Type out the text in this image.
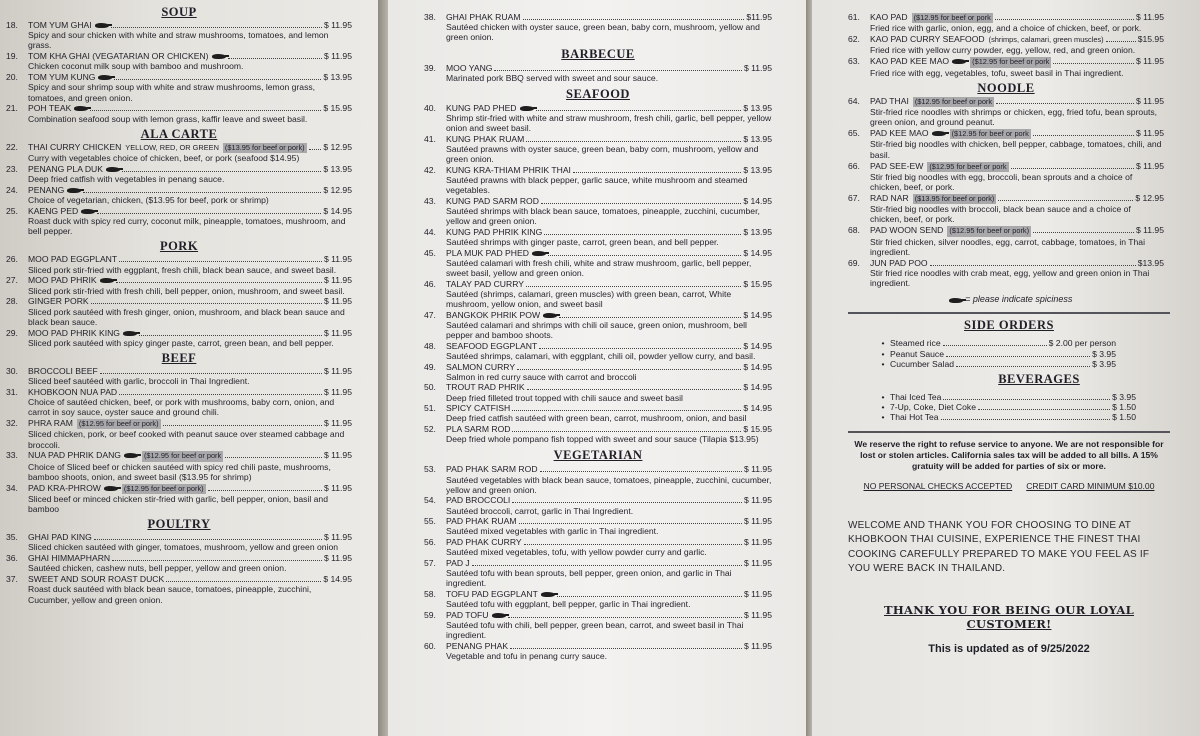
SOUP
18.	TOM YUM GHAI	$ 11.95
Spicy and sour chicken with white and straw mushrooms, tomatoes, and lemon grass.
19.	TOM KHA GHAI (VEGATARIAN OR CHICKEN)	$ 11.95
Chicken coconut milk soup with bamboo and mushroom.
20.	TOM YUM KUNG	$ 13.95
Spicy and sour shrimp soup with white and straw mushrooms, lemon grass, tomatoes, and green onion.
21.	POH TEAK	$ 15.95
Combination seafood soup with lemon grass, kaffir leave and sweet basil.
ALA CARTE
22.	THAI CURRY CHICKEN YELLOW, RED, OR GREEN ($13.95 for beef or pork) $ 12.95
Curry with vegetables choice of chicken, beef, or pork (seafood $14.95)
23.	PENANG PLA DUK	$ 13.95
Deep fried catfish with vegetables in penang sauce.
24.	PENANG	$ 12.95
Choice of vegetarian, chicken, ($13.95 for beef, pork or shrimp)
25.	KAENG PED	$ 14.95
Roast duck with spicy red curry, coconut milk, pineapple, tomatoes, mushroom, and bell pepper.
PORK
26.	MOO PAD EGGPLANT	$ 11.95
Sliced pork stir-fried with eggplant, fresh chili, black bean sauce, and sweet basil.
27.	MOO PAD PHRIK	$ 11.95
Sliced pork stir-fried with fresh chili, bell pepper, onion, mushroom, and sweet basil.
28.	GINGER PORK	$ 11.95
Sliced pork sautéed with fresh ginger, onion, mushroom, and black bean sauce and black bean sauce.
29.	MOO PAD PHRIK KING	$ 11.95
Sliced pork sautéed with spicy ginger paste, carrot, green bean, and bell pepper.
BEEF
30.	BROCCOLI BEEF	$ 11.95
Sliced beef sautéed with garlic, broccoli in Thai Ingredient.
31.	KHOBKOON NUA PAD	$ 11.95
Choice of sautéed chicken, beef, or pork with mushrooms, baby corn, onion, and carrot in soy sauce, oyster sauce and ground chili.
32.	PHRA RAM ($12.95 for beef or pork)	$ 11.95
Sliced chicken, pork, or beef cooked with peanut sauce over steamed cabbage and broccoli.
33.	NUA PAD PHRIK DANG	($12.95 for beef or pork	$ 11.95
Choice of Sliced beef or chicken sautéed with spicy red chili paste, mushrooms, bamboo shoots, onion, and sweet basil ($13.95 for shrimp)
34.	PAD KRA-PHROW	($12.95 for beef or pork)	$ 11.95
Sliced beef or minced chicken stir-fried with garlic, bell pepper, onion, basil and bamboo
POULTRY
35.	GHAI PAD KING	$ 11.95
Sliced chicken sautéed with ginger, tomatoes, mushroom, yellow and green onion
36.	GHAI HIMMAPHARN	$ 11.95
Sautéed chicken, cashew nuts, bell pepper, yellow and green onion.
37.	SWEET AND SOUR ROAST DUCK	$ 14.95
Roast duck sautéed with black bean sauce, tomatoes, pineapple, zucchini, Cucumber, yellow and green onion.
38.	GHAI PHAK RUAM	$11.95
Sautéed chicken with oyster sauce, green bean, baby corn, mushroom, yellow and green onion.
BARBECUE
39.	MOO YANG	$ 11.95
Marinated pork BBQ served with sweet and sour sauce.
SEAFOOD
40.	KUNG PAD PHED	$ 13.95
Shrimp stir-fried with white and straw mushroom, fresh chili, garlic, bell pepper, yellow onion and sweet basil.
41.	KUNG PHAK RUAM	$ 13.95
Sautéed prawns with oyster sauce, green bean, baby corn, mushroom, yellow and green onion.
42.	KUNG KRA-THIAM PHRIK THAI	$ 13.95
Sautéed prawns with black pepper, garlic sauce, white mushroom and steamed vegetables.
43.	KUNG PAD SARM ROD	$ 14.95
Sautéed shrimps with black bean sauce, tomatoes, pineapple, zucchini, cucumber, yellow and green onion.
44.	KUNG PAD PHRIK KING	$ 13.95
Sautéed shrimps with ginger paste, carrot, green bean, and bell pepper.
45.	PLA MUK PAD PHED	$ 14.95
Sautéed calamari with fresh chili, white and straw mushroom, garlic, bell pepper, sweet basil, yellow and green onion.
46.	TALAY PAD CURRY	$ 15.95
Sautéed (shrimps, calamari, green muscles) with green bean, carrot, White mushroom, yellow onion, and sweet basil
47.	BANGKOK PHRIK POW	$ 14.95
Sautéed calamari and shrimps with chili oil sauce, green onion, mushroom, bell pepper and bamboo shoots.
48.	SEAFOOD EGGPLANT	$ 14.95
Sautéed shrimps, calamari, with eggplant, chili oil, powder yellow curry, and basil.
49.	SALMON CURRY	$ 14.95
Salmon in red curry sauce with carrot and broccoli
50.	TROUT RAD PHRIK	$ 14.95
Deep fried filleted trout topped with chili sauce and sweet basil
51.	SPICY CATFISH	$ 14.95
Deep fried catfish sautéed with green bean, carrot, mushroom, onion, and basil
52.	PLA SARM ROD	$ 15.95
Deep fried whole pompano fish topped with sweet and sour sauce (Tilapia $13.95)
VEGETARIAN
53.	PAD PHAK SARM ROD	$ 11.95
Sautéed vegetables with black bean sauce, tomatoes, pineapple, zucchini, cucumber, yellow and green onion.
54.	PAD BROCCOLI	$ 11.95
Sautéed broccoli, carrot, garlic in Thai Ingredient.
55.	PAD PHAK RUAM	$ 11.95
Sautéed mixed vegetables with garlic in Thai ingredient.
56.	PAD PHAK CURRY	$ 11.95
Sautéed mixed vegetables, tofu, with yellow powder curry and garlic.
57.	PAD J	$ 11.95
Sautéed tofu with bean sprouts, bell pepper, green onion, and garlic in Thai ingredient.
58.	TOFU PAD EGGPLANT	$ 11.95
Sautéed tofu with eggplant, bell pepper, garlic in Thai ingredient.
59.	PAD TOFU	$ 11.95
Sautéed tofu with chili, bell pepper, green bean, carrot, and sweet basil in Thai ingredient.
60.	PENANG PHAK	$ 11.95
Vegetable and tofu in penang curry sauce.
61.	KAO PAD ($12.95 for beef or pork	$ 11.95
Fried rice with garlic, onion, egg, and a choice of chicken, beef, or pork.
62.	KAO PAD CURRY SEAFOOD (shrimps, calamari, green muscles)	$15.95
Fried rice with yellow curry powder, egg, yellow, red, and green onion.
63.	KAO PAD KEE MAO	($12.95 for beef or pork	$ 11.95
Fried rice with egg, vegetables, tofu, sweet basil in Thai ingredient.
NOODLE
64.	PAD THAI ($12.95 for beef or pork	$ 11.95
Stir-fried rice noodles with shrimps or chicken, egg, fried tofu, bean sprouts, green onion, and ground peanut.
65.	PAD KEE MAO	($12.95 for beef or pork	$ 11.95
Stir-fried big noodles with chicken, bell pepper, cabbage, tomatoes, chili, and basil.
66.	PAD SEE-EW ($12.95 for beef or pork	$ 11.95
Stir fried big noodles with egg, broccoli, bean sprouts and a choice of chicken, beef, or pork.
67.	RAD NAR ($13.95 for beef or pork)	$ 12.95
Stir-fried big noodles with broccoli, black bean sauce and a choice of chicken, beef, or pork.
68.	PAD WOON SEND ($12.95 for beef or pork)	$ 11.95
Stir fried chicken, silver noodles, egg, carrot, cabbage, tomatoes, in Thai ingredient.
69.	JUN PAD POO	$13.95
Stir fried rice noodles with crab meat, egg, yellow and green onion in Thai ingredient.
= please indicate spiciness
SIDE ORDERS
• Steamed rice	$ 2.00 per person
• Peanut Sauce	$ 3.95
• Cucumber Salad	$ 3.95
BEVERAGES
• Thai Iced Tea	$ 3.95
• 7-Up, Coke, Diet Coke	$ 1.50
• Thai Hot Tea	$ 1.50
We reserve the right to refuse service to anyone. We are not responsible for lost or stolen articles. California sales tax will be added to all bills. A 15% gratuity will be added for parties of six or more.
NO PERSONAL CHECKS ACCEPTED CREDIT CARD MINIMUM $10.00
WELCOME AND THANK YOU FOR CHOOSING TO DINE AT KHOBKOON THAI CUISINE, EXPERIENCE THE FINEST THAI COOKING CAREFULLY PREPARED TO MAKE YOU FEEL AS IF YOU WERE BACK IN THAILAND.
THANK YOU FOR BEING OUR LOYAL CUSTOMER!
This is updated as of 9/25/2022
